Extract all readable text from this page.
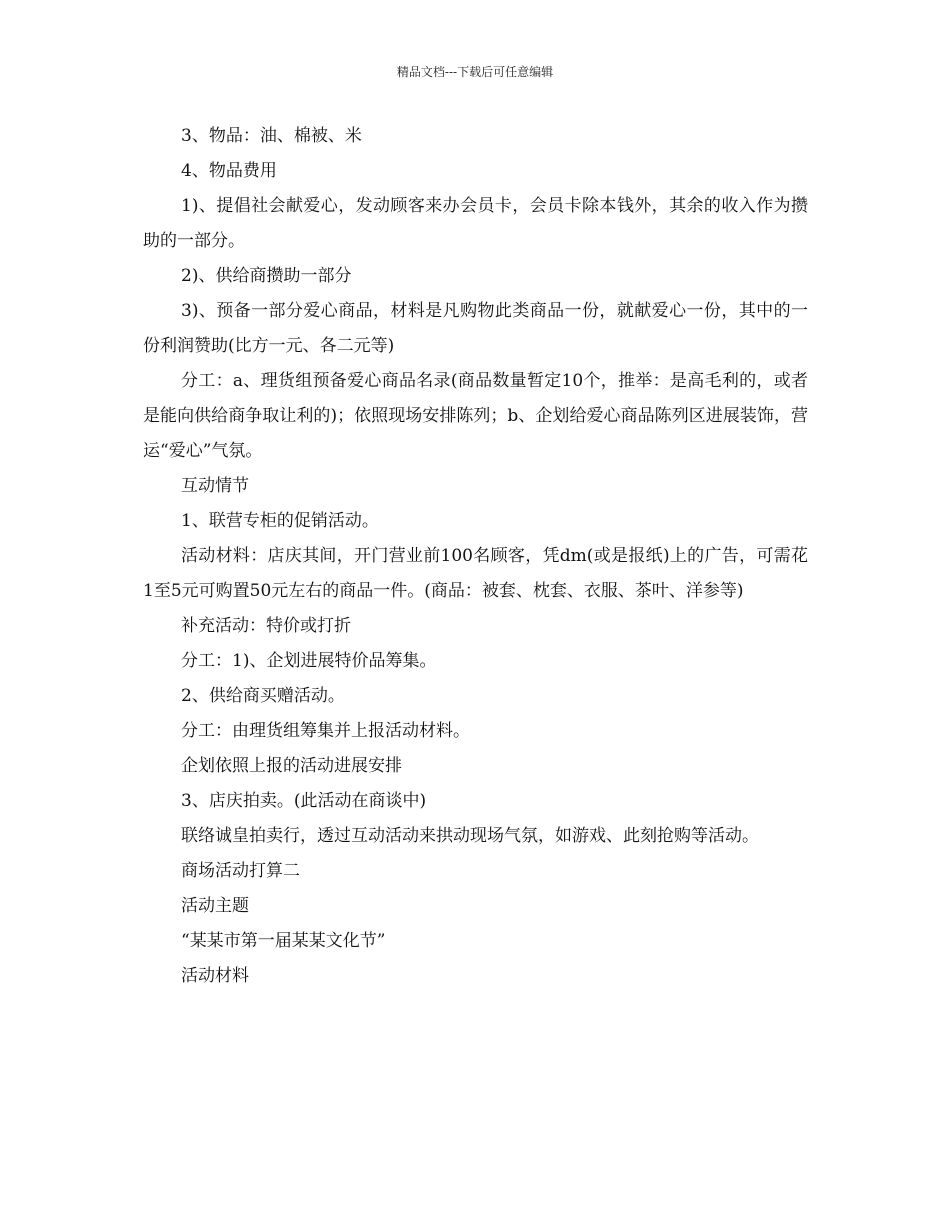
精品文档---下载后可任意编辑

3、物品：油、棉被、米

4、物品费用

1)、提倡社会献爱心，发动顾客来办会员卡，会员卡除本钱外，其余的收入作为攒助的一部分。

2)、供给商攒助一部分

3)、预备一部分爱心商品，材料是凡购物此类商品一份，就献爱心一份，其中的一份利润赞助(比方一元、各二元等)

分工：a、理货组预备爱心商品名录(商品数量暂定10个，推举：是高毛利的，或者是能向供给商争取让利的)；依照现场安排陈列；b、企划给爱心商品陈列区进展装饰，营运“爱心”气氛。

互动情节

1、联营专柜的促销活动。

活动材料：店庆其间，开门营业前100名顾客，凭dm(或是报纸)上的广告，可需花1至5元可购置50元左右的商品一件。(商品：被套、枕套、衣服、茶叶、洋参等)

补充活动：特价或打折

分工：1)、企划进展特价品筹集。

2、供给商买赠活动。

分工：由理货组筹集并上报活动材料。

企划依照上报的活动进展安排

3、店庆拍卖。(此活动在商谈中)

联络诚皇拍卖行，透过互动活动来拱动现场气氛，如游戏、此刻抢购等活动。

商场活动打算二

活动主题

“某某市第一届某某文化节”

活动材料
